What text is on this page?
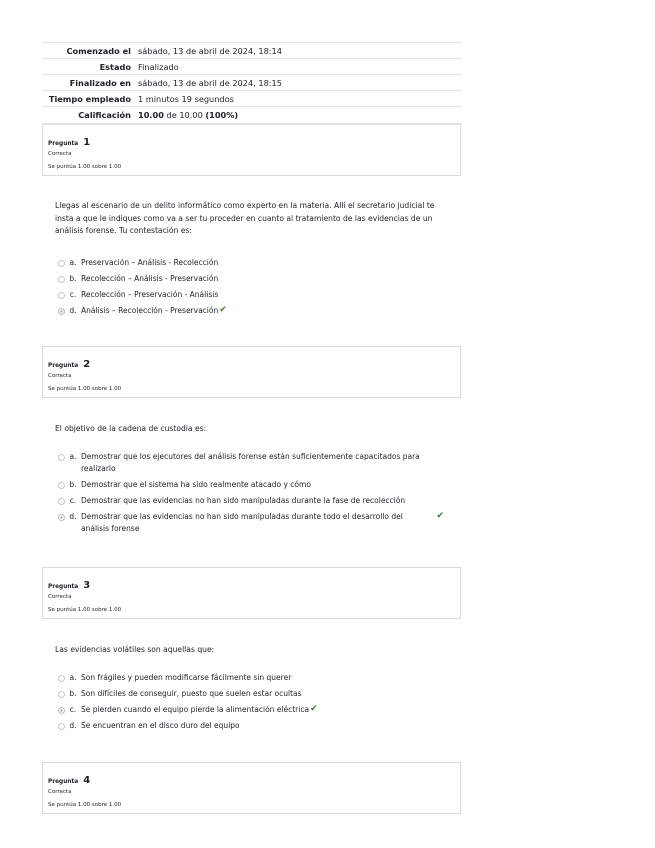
Comenzado el sábado, 13 de abril de 2024, 18:14
Estado Finalizado
Finalizado en sábado, 13 de abril de 2024, 18:15
Tiempo empleado 1 minutos 19 segundos
Calificación 10.00 de 10.00 (100%)
Pregunta 1
Correcta
Se puntúa 1.00 sobre 1.00
Llegas al escenario de un delito informático como experto en la materia. Allí el secretario judicial te insta a que le indiques como va a ser tu proceder en cuanto al tratamiento de las evidencias de un análisis forense. Tu contestación es:
a. Preservación – Análisis - Recolección
b. Recolección – Análisis - Preservación
c. Recolección – Preservación - Análisis
d. Análisis – Recolección - Preservación ✔
Pregunta 2
Correcta
Se puntúa 1.00 sobre 1.00
El objetivo de la cadena de custodia es:
a. Demostrar que los ejecutores del análisis forense están suficientemente capacitados para realizarlo
b. Demostrar que el sistema ha sido realmente atacado y cómo
c. Demostrar que las evidencias no han sido manipuladas durante la fase de recolección
d. Demostrar que las evidencias no han sido manipuladas durante todo el desarrollo del análisis forense
✔
Pregunta 3
Correcta
Se puntúa 1.00 sobre 1.00
Las evidencias volátiles son aquellas que:
a. Son frágiles y pueden modificarse fácilmente sin querer
b. Son difíciles de conseguir, puesto que suelen estar ocultas
c. Se pierden cuando el equipo pierde la alimentación eléctrica ✔
d. Se encuentran en el disco duro del equipo
Pregunta 4
Correcta
Se puntúa 1.00 sobre 1.00
